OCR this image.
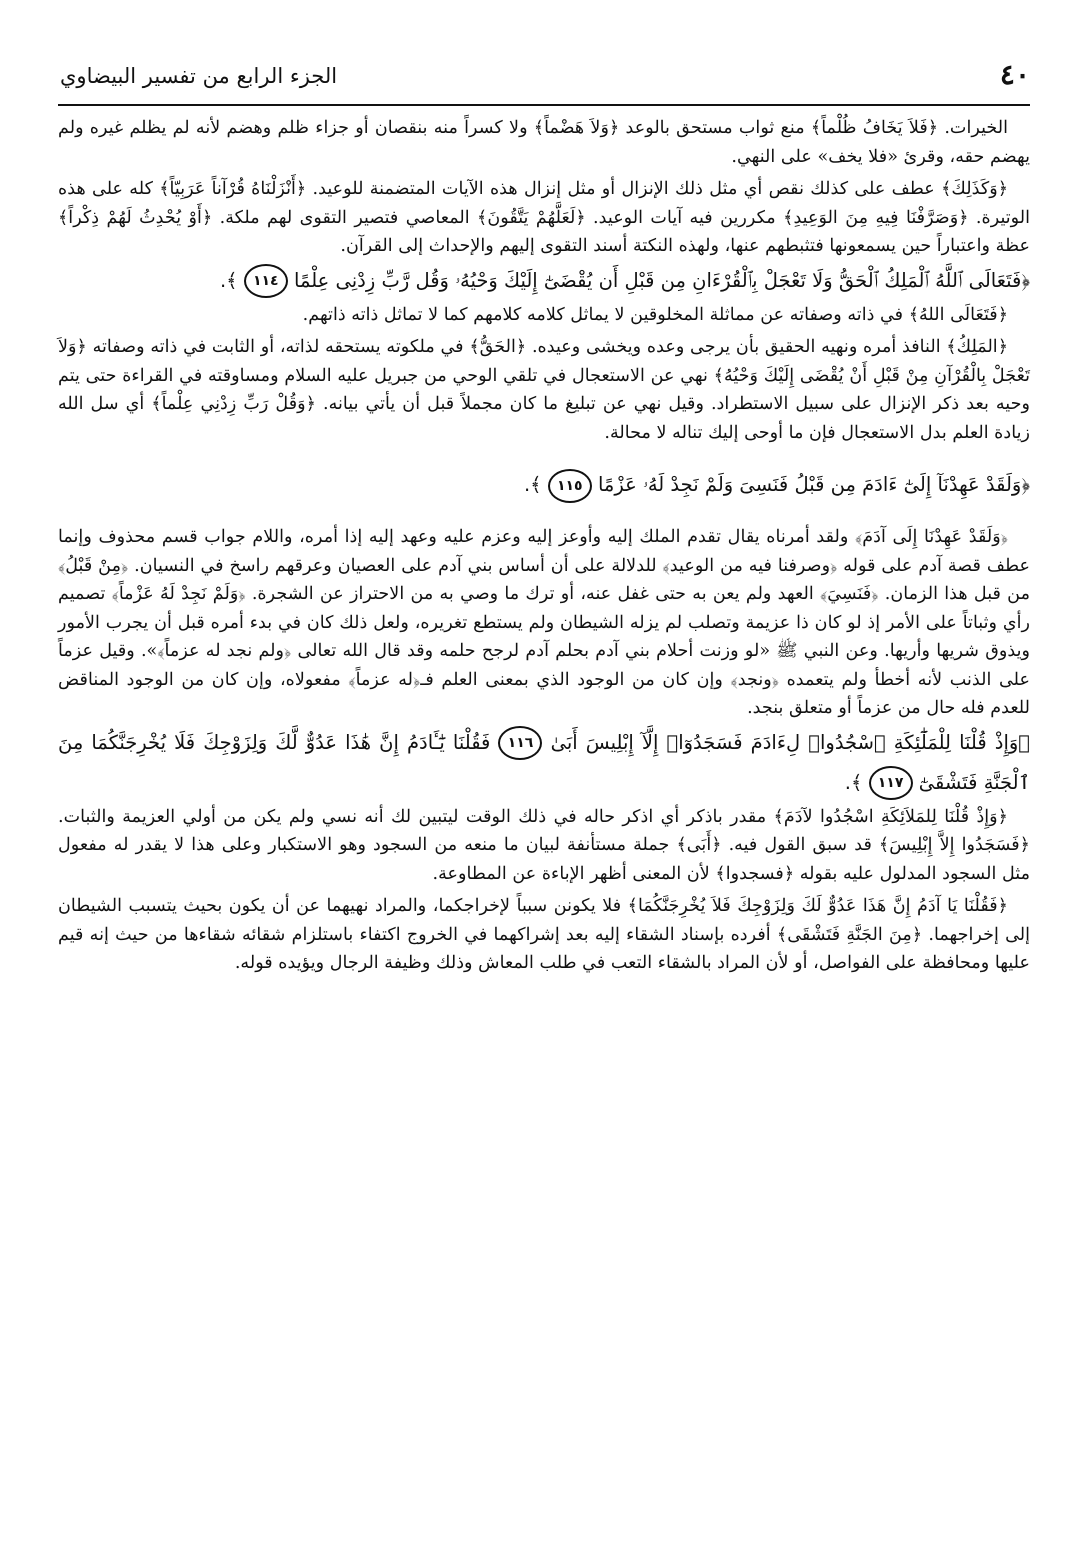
٤٠
الجزء الرابع من تفسير البيضاوي

الخيرات. ﴿فَلاَ يَخَافُ ظُلْماً﴾ منع ثواب مستحق بالوعد ﴿وَلاَ هَضْماً﴾ ولا كسراً منه بنقصان أو جزاء ظلم وهضم لأنه لم يظلم غيره ولم يهضم حقه، وقرئ «فلا يخف» على النهي.

﴿وَكَذَلِكَ﴾ عطف على كذلك نقص أي مثل ذلك الإنزال أو مثل إنزال هذه الآيات المتضمنة للوعيد. ﴿أَنْزَلْنَاهُ قُرْآناً عَرَبِيّاً﴾ كله على هذه الوتيرة. ﴿وَصَرَّفْنَا فِيهِ مِنَ الوَعِيدِ﴾ مكررين فيه آيات الوعيد. ﴿لَعَلَّهُمْ يَتَّقُونَ﴾ المعاصي فتصير التقوى لهم ملكة. ﴿أَوْ يُحْدِثُ لَهُمْ ذِكْراً﴾ عظة واعتباراً حين يسمعونها فتثبطهم عنها، ولهذه النكتة أسند التقوى إليهم والإحداث إلى القرآن.

﴿فَتَعَالَى ٱللَّهُ ٱلْمَلِكُ ٱلْحَقُّ وَلَا تَعْجَلْ بِٱلْقُرْءَانِ مِن قَبْلِ أَن يُقْضَىٰٓ إِلَيْكَ وَحْيُهُۥ وَقُل رَّبِّ زِدْنِى عِلْمًا ١١٤ ﴾.

﴿فَتَعَالَى اللهُ﴾ في ذاته وصفاته عن مماثلة المخلوقين لا يماثل كلامه كلامهم كما لا تماثل ذاته ذاتهم.

﴿المَلِكُ﴾ النافذ أمره ونهيه الحقيق بأن يرجى وعده ويخشى وعيده. ﴿الحَقُّ﴾ في ملكوته يستحقه لذاته، أو الثابت في ذاته وصفاته ﴿وَلاَ تَعْجَلْ بِالْقُرْآنِ مِنْ قَبْلِ أَنْ يُقْضَى إِلَيْكَ وَحْيُهُ﴾ نهي عن الاستعجال في تلقي الوحي من جبريل عليه السلام ومساوقته في القراءة حتى يتم وحيه بعد ذكر الإنزال على سبيل الاستطراد. وقيل نهي عن تبليغ ما كان مجملاً قبل أن يأتي بيانه. ﴿وَقُلْ رَبِّ زِدْنِي عِلْماً﴾ أي سل الله زيادة العلم بدل الاستعجال فإن ما أوحى إليك تناله لا محالة.

﴿وَلَقَدْ عَهِدْنَآ إِلَىٰٓ ءَادَمَ مِن قَبْلُ فَنَسِىَ وَلَمْ نَجِدْ لَهُۥ عَزْمًا ١١٥ ﴾.

﴿وَلَقَدْ عَهِدْنَا إِلَى آدَمَ﴾ ولقد أمرناه يقال تقدم الملك إليه وأوعز إليه وعزم عليه وعهد إليه إذا أمره، واللام جواب قسم محذوف وإنما عطف قصة آدم على قوله ﴿وصرفنا فيه من الوعيد﴾ للدلالة على أن أساس بني آدم على العصيان وعرقهم راسخ في النسيان. ﴿مِنْ قَبْلُ﴾ من قبل هذا الزمان. ﴿فَنَسِيَ﴾ العهد ولم يعن به حتى غفل عنه، أو ترك ما وصي به من الاحتراز عن الشجرة. ﴿وَلَمْ نَجِدْ لَهُ عَزْماً﴾ تصميم رأي وثباتاً على الأمر إذ لو كان ذا عزيمة وتصلب لم يزله الشيطان ولم يستطع تغريره، ولعل ذلك كان في بدء أمره قبل أن يجرب الأمور ويذوق شريها وأريها. وعن النبي ﷺ «لو وزنت أحلام بني آدم بحلم آدم لرجح حلمه وقد قال الله تعالى ﴿ولم نجد له عزماً﴾». وقيل عزماً على الذنب لأنه أخطأ ولم يتعمده ﴿ونجد﴾ وإن كان من الوجود الذي بمعنى العلم فـ﴿له عزماً﴾ مفعولاه، وإن كان من الوجود المناقض للعدم فله حال من عزماً أو متعلق بنجد.

﴿وَإِذْ قُلْنَا لِلْمَلَٰٓئِكَةِ ٱسْجُدُوا۟ لِءَادَمَ فَسَجَدُوٓا۟ إِلَّآ إِبْلِيسَ أَبَىٰ ١١٦ فَقُلْنَا يَٰٓـَٔادَمُ إِنَّ هَٰذَا عَدُوٌّ لَّكَ وَلِزَوْجِكَ فَلَا يُخْرِجَنَّكُمَا مِنَ ٱلْجَنَّةِ فَتَشْقَىٰٓ ١١٧ ﴾.

﴿وَإِذْ قُلْنَا لِلمَلاَئِكَةِ اسْجُدُوا لآدَمَ﴾ مقدر باذكر أي اذكر حاله في ذلك الوقت ليتبين لك أنه نسي ولم يكن من أولي العزيمة والثبات. ﴿فَسَجَدُوا إِلاَّ إِبْلِيسَ﴾ قد سبق القول فيه. ﴿أَبَى﴾ جملة مستأنفة لبيان ما منعه من السجود وهو الاستكبار وعلى هذا لا يقدر له مفعول مثل السجود المدلول عليه بقوله ﴿فسجدوا﴾ لأن المعنى أظهر الإباءة عن المطاوعة.

﴿فَقُلْنَا يَا آدَمُ إِنَّ هَذَا عَدُوٌّ لَكَ وَلِزَوْجِكَ فَلاَ يُخْرِجَنَّكُمَا﴾ فلا يكونن سبباً لإخراجكما، والمراد نهيهما عن أن يكون بحيث يتسبب الشيطان إلى إخراجهما. ﴿مِنَ الجَنَّةِ فَتَشْقَى﴾ أفرده بإسناد الشقاء إليه بعد إشراكهما في الخروج اكتفاء باستلزام شقائه شقاءها من حيث إنه قيم عليها ومحافظة على الفواصل، أو لأن المراد بالشقاء التعب في طلب المعاش وذلك وظيفة الرجال ويؤيده قوله.
